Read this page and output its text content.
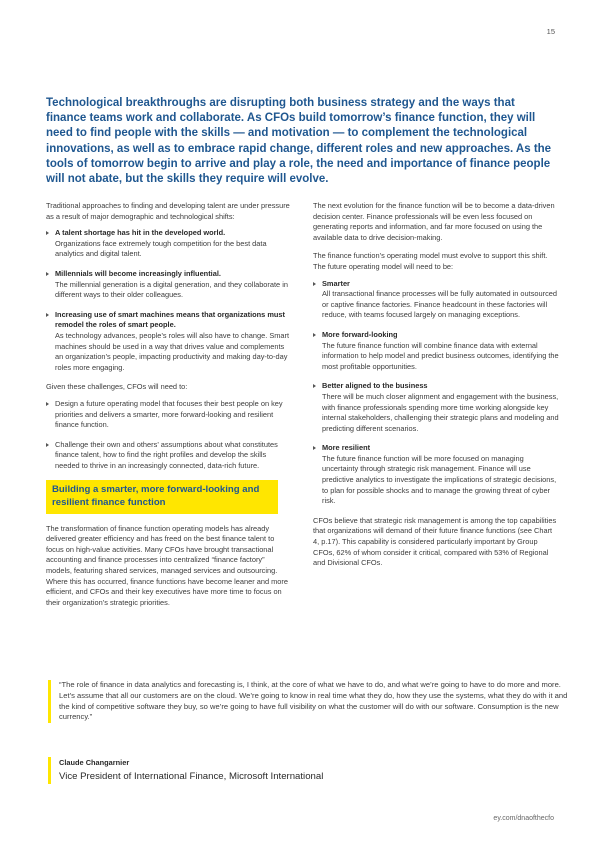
15
Technological breakthroughs are disrupting both business strategy and the ways that finance teams work and collaborate. As CFOs build tomorrow’s finance function, they will need to find people with the skills — and motivation — to complement the technological innovations, as well as to embrace rapid change, different roles and new approaches. As the tools of tomorrow begin to arrive and play a role, the need and importance of finance people will not abate, but the skills they require will evolve.

Traditional approaches to finding and developing talent are under pressure as a result of major demographic and technological shifts:

A talent shortage has hit in the developed world.
Organizations face extremely tough competition for the best data analytics and digital talent.
Millennials will become increasingly influential.
The millennial generation is a digital generation, and they collaborate in different ways to their older colleagues.
Increasing use of smart machines means that organizations must remodel the roles of smart people.
As technology advances, people’s roles will also have to change. Smart machines should be used in a way that drives value and complements an organization’s people, impacting productivity and making day-to-day roles more engaging.

Given these challenges, CFOs will need to:

Design a future operating model that focuses their best people on key priorities and delivers a smarter, more forward-looking and resilient finance function.
Challenge their own and others’ assumptions about what constitutes finance talent, how to find the right profiles and develop the skills needed to thrive in an increasingly connected, data-rich future.
Building a smarter, more forward-looking and resilient finance function

The transformation of finance function operating models has already delivered greater efficiency and has freed on the best finance talent to focus on high-value activities. Many CFOs have brought transactional accounting and finance processes into centralized “finance factory” models, featuring shared services, managed services and outsourcing. Where this has occurred, finance functions have become leaner and more efficient, and CFOs and their key executives have more time to focus on their organization’s strategic priorities.

The next evolution for the finance function will be to become a data-driven decision center. Finance professionals will be even less focused on generating reports and information, and far more focused on using the available data to drive decision-making.

The finance function’s operating model must evolve to support this shift. The future operating model will need to be:

Smarter
All transactional finance processes will be fully automated in outsourced or captive finance factories. Finance headcount in these factories will reduce, with teams focused largely on managing exceptions.
More forward-looking
The future finance function will combine finance data with external information to help model and predict business outcomes, identifying the most profitable opportunities.
Better aligned to the business
There will be much closer alignment and engagement with the business, with finance professionals spending more time working alongside key internal stakeholders, challenging their strategic plans and modeling and predicting different scenarios.
More resilient
The future finance function will be more focused on managing uncertainty through strategic risk management. Finance will use predictive analytics to investigate the implications of strategic decisions, to plan for possible shocks and to manage the growing threat of cyber risk.

CFOs believe that strategic risk management is among the top capabilities that organizations will demand of their future finance functions (see Chart 4, p.17). This capability is considered particularly important by Group CFOs, 62% of whom consider it critical, compared with 53% of Regional and Divisional CFOs.

“The role of finance in data analytics and forecasting is, I think, at the core of what we have to do, and what we’re going to have to do more and more. Let’s assume that all our customers are on the cloud. We’re going to know in real time what they do, how they use the systems, what they do with it and the kind of competitive software they buy, so we’re going to have full visibility on what the customer will do with our software. Consumption is the new currency.”

Claude Changarnier
Vice President of International Finance, Microsoft International
ey.com/dnaofthecfo
